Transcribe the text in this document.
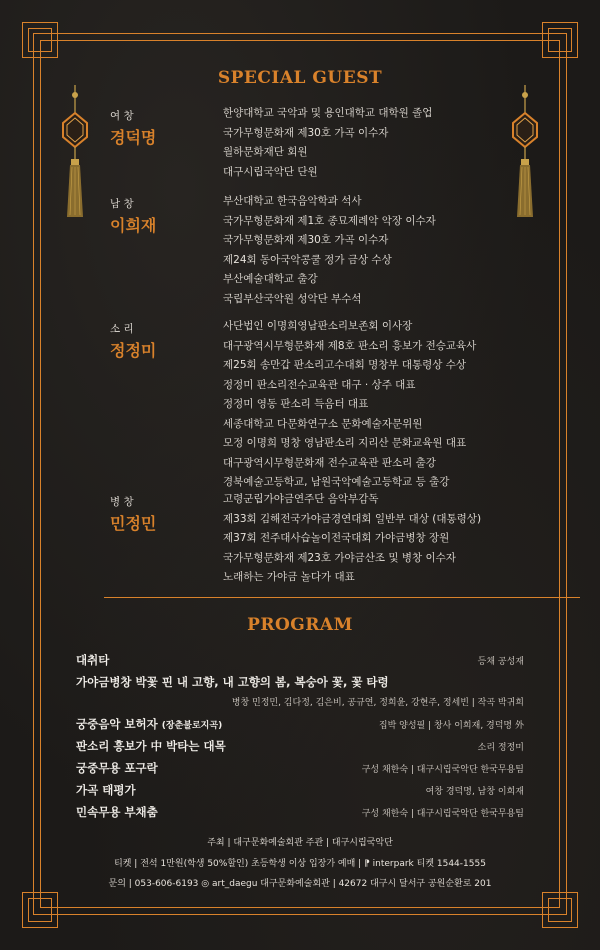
SPECIAL GUEST
여 창
경덕명
한양대학교 국악과 및 용인대학교 대학원 졸업
국가무형문화재 제30호 가곡 이수자
월하문화재단 회원
대구시립국악단 단원
남 창
이희재
부산대학교 한국음악학과 석사
국가무형문화재 제1호 종묘제례악 악장 이수자
국가무형문화재 제30호 가곡 이수자
제24회 동아국악콩쿨 정가 금상 수상
부산예술대학교 출강
국립부산국악원 성악단 부수석
소 리
정정미
사단법인 이명희영남판소리보존회 이사장
대구광역시무형문화재 제8호 판소리 흥보가 전승교육사
제25회 송만갑 판소리고수대회 명창부 대통령상 수상
정정미 판소리전수교육관 대구 · 상주 대표
정정미 영동 판소리 득음터 대표
세종대학교 다문화연구소 문화예술자문위원
모정 이명희 명창 영남판소리 지리산 문화교육원 대표
대구광역시무형문화재 전수교육관 판소리 출강
경북예술고등학교, 남원국악예술고등학교 등 출강
병 창
민정민
고령군립가야금연주단 음악부감독
제33회 김해전국가야금경연대회 일반부 대상 (대통령상)
제37회 전주대사습놀이전국대회 가야금병창 장원
국가무형문화재 제23호 가야금산조 및 병창 이수자
노래하는 가야금 놀다가 대표
PROGRAM
대취타	등채 공성재
가야금병창 박꽃 핀 내 고향, 내 고향의 봄, 복숭아 꽃, 꽃 타령
병창 민정민, 김다정, 김은비, 공규연, 정희윤, 강현주, 정세빈 | 작곡 박귀희
궁중음악 보허자 (장춘불로지곡)	집박 양성필 | 창사 이희재, 경덕명 外
판소리 흥보가 中 박타는 대목	소리 정정미
궁중무용 포구락	구성 채한숙 | 대구시립국악단 한국무용팀
가곡 태평가	여창 경덕명, 남창 이희재
민속무용 부채춤	구성 채한숙 | 대구시립국악단 한국무용팀
주최 | 대구문화예술회관 주관 | 대구시립국악단
티켓 | 전석 1만원(학생 50%할인) 초등학생 이상 입장가 예매 | ⁋ interpark 티켓 1544-1555
문의 | 053-606-6193 ◎ art_daegu 대구문화예술회관 | 42672 대구시 달서구 공원순환로 201
